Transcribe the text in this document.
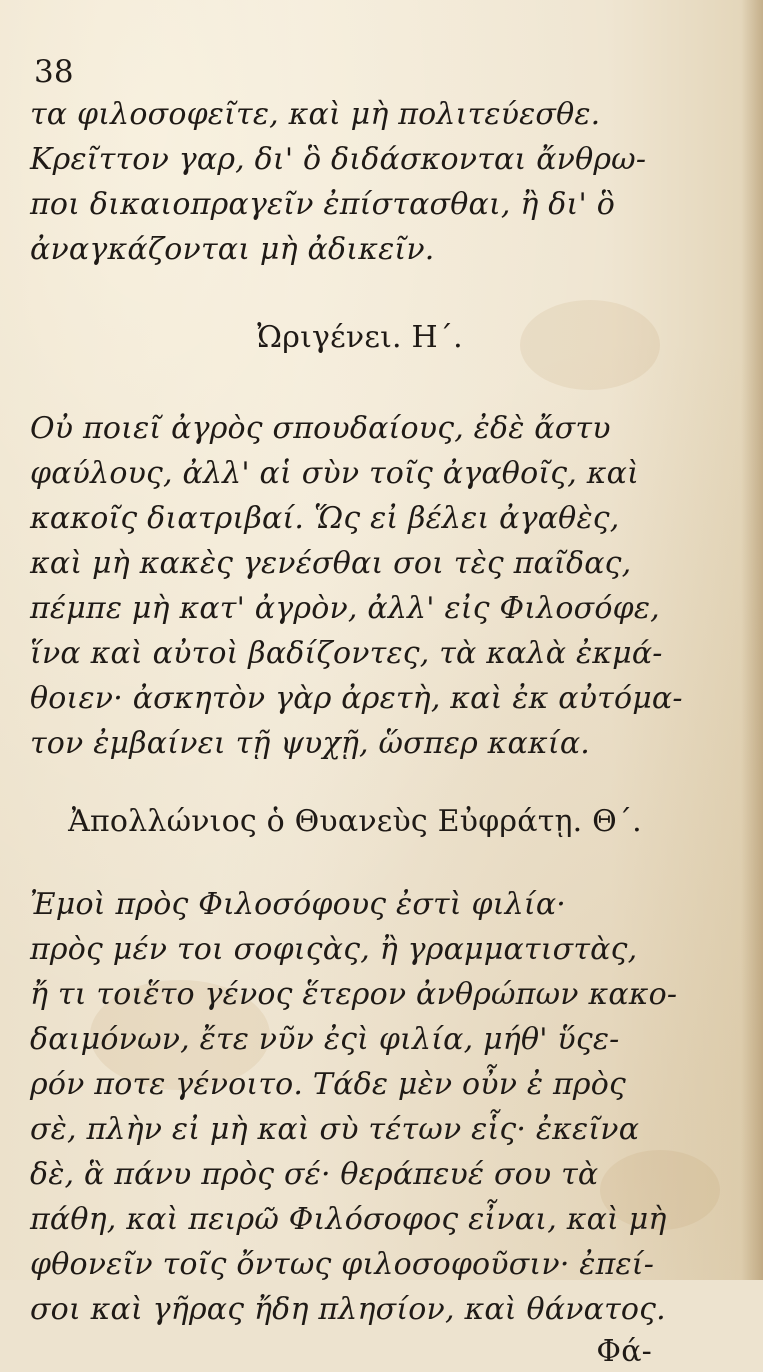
38
τα φιλοσοφεῖτε, καὶ μὴ πολιτεύεσθε.
Κρεῖττον γαρ, δι' ὃ διδάσκονται ἄνθρω-
ποι δικαιοπραγεῖν ἐπίστασθαι, ἢ δι' ὃ
ἀναγκάζονται μὴ ἀδικεῖν.
Ὠριγένει. Η΄.
Οὐ ποιεῖ ἀγρὸς σπουδαίους, ἐδὲ ἄστυ
φαύλους, ἀλλ' αἱ σὺν τοῖς ἀγαθοῖς, καὶ
κακοῖς διατριβαί. Ὥς εἰ βέλει ἀγαθὲς,
καὶ μὴ κακὲς γενέσθαι σοι τὲς παῖδας,
πέμπε μὴ κατ' ἀγρὸν, ἀλλ' εἰς Φιλοσόφε,
ἵνα καὶ αὐτοὶ βαδίζοντες, τὰ καλὰ ἐκμά-
θοιεν· ἀσκητὸν γὰρ ἀρετὴ, καὶ ἐκ αὐτόμα-
τον ἐμβαίνει τῇ ψυχῇ, ὥσπερ κακία.
Ἀπολλώνιος ὁ Θυανεὺς Εὐφράτῃ. Θ΄.
Ἐμοὶ πρὸς Φιλοσόφους ἐστὶ φιλία·
πρὸς μέν τοι σοφιςὰς, ἢ γραμματιστὰς,
ἤ τι τοιἕτο γένος ἕτερον ἀνθρώπων κακο-
δαιμόνων, ἔτε νῦν ἐςὶ φιλία, μήθ' ὕςε-
ρόν ποτε γένοιτο. Τάδε μὲν οὖν ἐ πρὸς
σὲ, πλὴν εἰ μὴ καὶ σὺ τέτων εἷς· ἐκεῖνα
δὲ, ἃ πάνυ πρὸς σέ· θεράπευέ σου τὰ
πάθη, καὶ πειρῶ Φιλόσοφος εἶναι, καὶ μὴ
φθονεῖν τοῖς ὄντως φιλοσοφοῦσιν· ἐπεί-
σοι καὶ γῆρας ἤδη πλησίον, καὶ θάνατος.
Φά-
